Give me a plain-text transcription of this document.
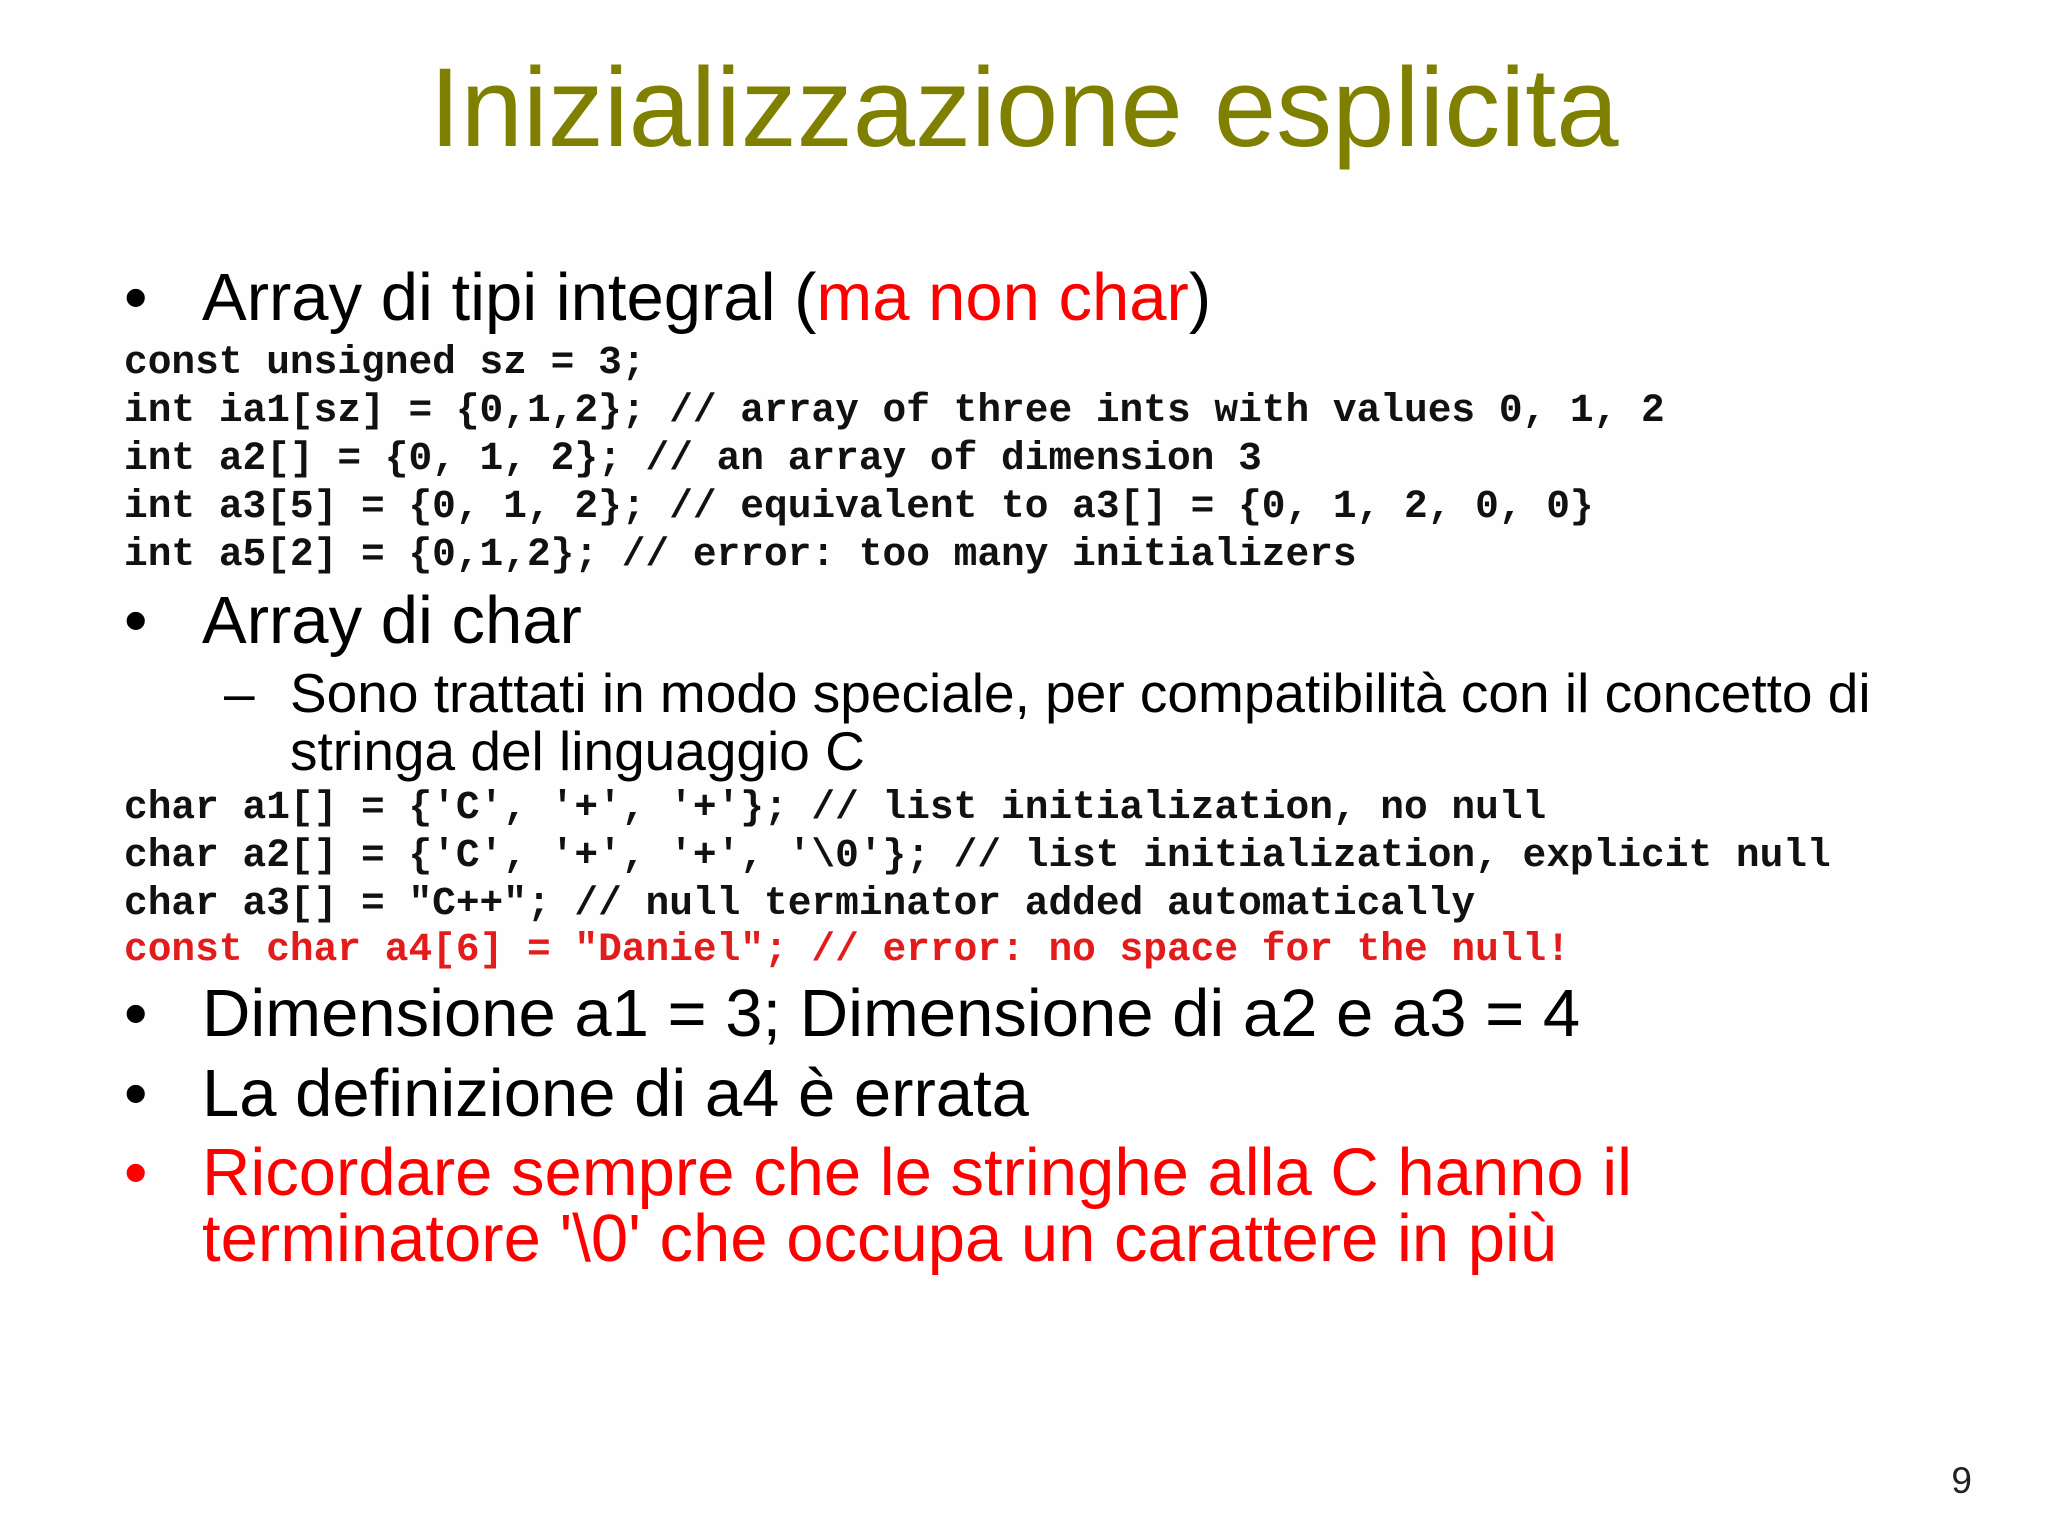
Inizializzazione esplicita
• Array di tipi integral (ma non char)
const unsigned sz = 3;
int ia1[sz] = {0,1,2}; // array of three ints with values 0, 1, 2
int a2[] = {0, 1, 2}; // an array of dimension 3
int a3[5] = {0, 1, 2}; // equivalent to a3[] = {0, 1, 2, 0, 0}
int a5[2] = {0,1,2}; // error: too many initializers
• Array di char
– Sono trattati in modo speciale, per compatibilità con il concetto di
stringa del linguaggio C
char a1[] = {'C', '+', '+'}; // list initialization, no null
char a2[] = {'C', '+', '+', '\0'}; // list initialization, explicit null
char a3[] = "C++"; // null terminator added automatically
const char a4[6] = "Daniel"; // error: no space for the null!
• Dimensione a1 = 3; Dimensione di a2 e a3 = 4
• La definizione di a4 è errata
• Ricordare sempre che le stringhe alla C hanno il
terminatore '\0' che occupa un carattere in più
9
